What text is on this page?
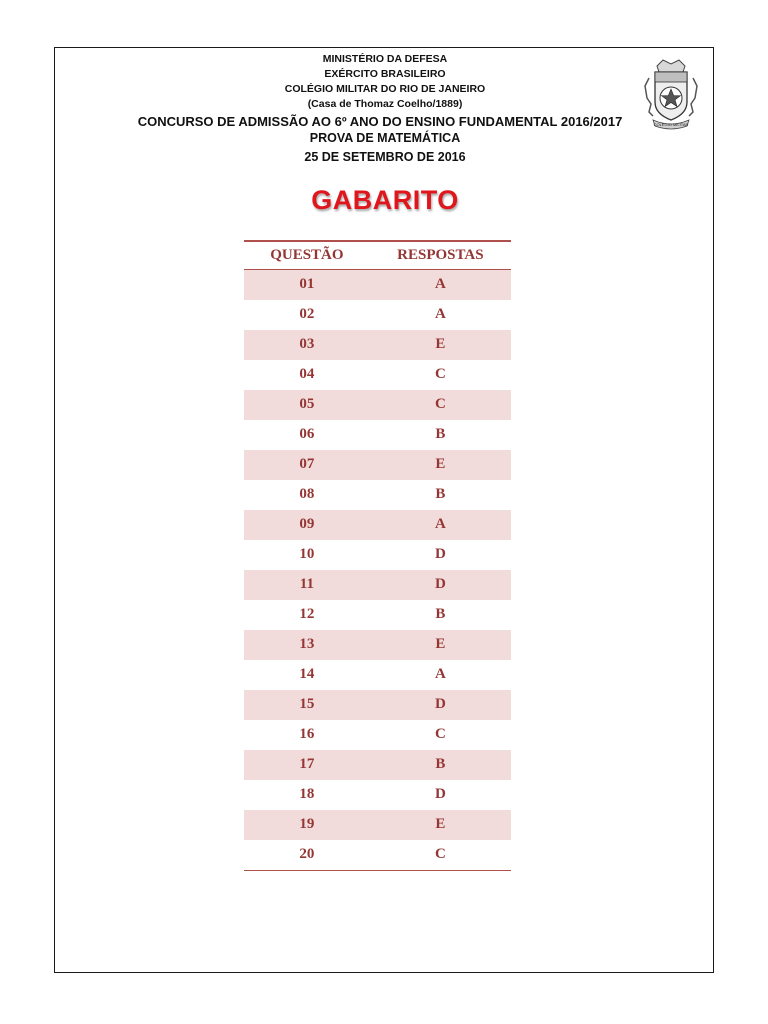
MINISTÉRIO DA DEFESA
EXÉRCITO BRASILEIRO
COLÉGIO MILITAR DO RIO DE JANEIRO
(Casa de Thomaz Coelho/1889)
CONCURSO DE ADMISSÃO AO 6º ANO DO ENSINO FUNDAMENTAL 2016/2017
PROVA DE MATEMÁTICA
25 DE SETEMBRO DE 2016
COLEGIO MILITAR
GABARITO
QUESTÃO	RESPOSTAS
01	A
02	A
03	E
04	C
05	C
06	B
07	E
08	B
09	A
10	D
11	D
12	B
13	E
14	A
15	D
16	C
17	B
18	D
19	E
20	C
